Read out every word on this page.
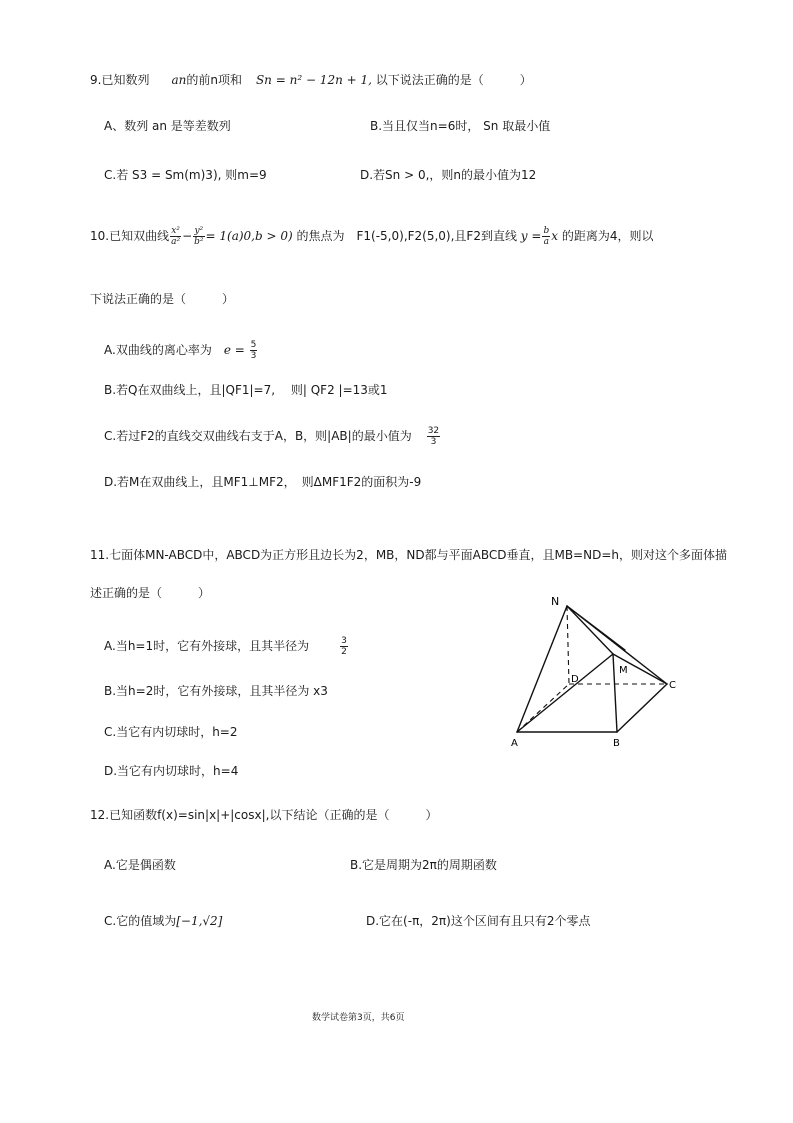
9.已知数列 an的前n项和 Sn = n² − 12n + 1, 以下说法正确的是（　　　）
A、数列 an 是等差数列	B.当且仅当n=6时， Sn 取最小值
C.若 S3 = Sm(m)3), 则m=9	D.若Sn > 0,，则n的最小值为12
10.已知双曲线 $\frac{\text{x²}}{\text{a²}} - \frac{\text{y²}}{\text{b²}} = 1(a)0,b > 0$) 的焦点为　F1(-5,0),F2(5,0),且F2到直线 $y = \frac{b}{a}$ x 的距离为4，则以
下说法正确的是（　　　）
A.双曲线的离心率为　$e = \frac{5}{3}$
B.若Q在双曲线上，且|QF1|=7,　 则| QF2 |=13或1
C.若过F2的直线交双曲线右支于A，B，则|AB|的最小值为 $\frac{32}{3}$
D.若M在双曲线上，且MF1⊥MF2，　则ΔMF1F2的面积为-9
11.七面体MN-ABCD中，ABCD为正方形且边长为2，MB，ND都与平面ABCD垂直，且MB=ND=h，则对这个多面体描
述正确的是（　　　）
A.当h=1时，它有外接球，且其半径为	$\frac{3}{2}$
B.当h=2时，它有外接球，且其半径为 x3
C.当它有内切球时，h=2
D.当它有内切球时，h=4
N
M
D
C
A	B
12.已知函数f(x)=sin|x|+|cosx|,以下结论（正确的是（　　　）
A.它是偶函数	B.它是周期为2π的周期函数
C.它的值域为[−1,√2]	D.它在(-π，2π)这个区间有且只有2个零点
数学试卷第3页，共6页
